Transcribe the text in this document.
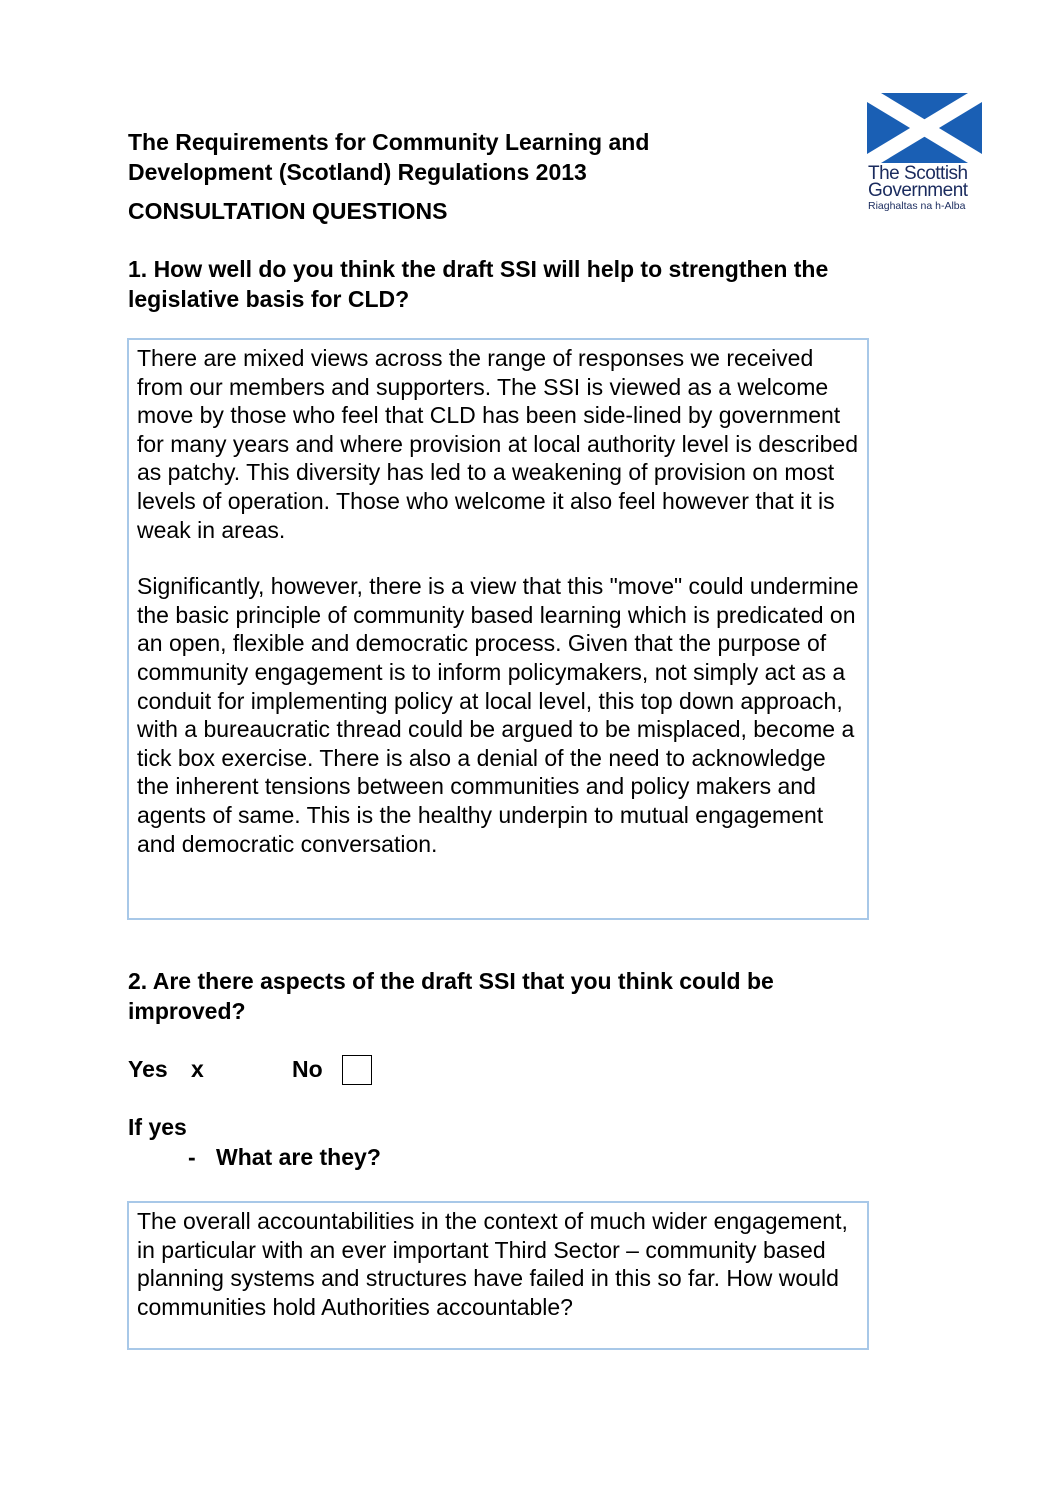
The Requirements for Community Learning and Development (Scotland) Regulations 2013
CONSULTATION QUESTIONS
The Scottish
Government
Riaghaltas na h-Alba
1. How well do you think the draft SSI will help to strengthen the legislative basis for CLD?

There are mixed views across the range of responses we received from our members and supporters. The SSI is viewed as a welcome move by those who feel that CLD has been side-lined by government for many years and where provision at local authority level is described as patchy. This diversity has led to a weakening of provision on most levels of operation. Those who welcome it also feel however that it is weak in areas.

Significantly, however, there is a view that this "move" could undermine the basic principle of community based learning which is predicated on an open, flexible and democratic process. Given that the purpose of community engagement is to inform policymakers, not simply act as a conduit for implementing policy at local level, this top down approach, with a bureaucratic thread could be argued to be misplaced, become a tick box exercise. There is also a denial of the need to acknowledge the inherent tensions between communities and policy makers and agents of same. This is the healthy underpin to mutual engagement and democratic conversation.

2. Are there aspects of the draft SSI that you think could be improved?
Yes x	No
If yes
- What are they?

The overall accountabilities in the context of much wider engagement, in particular with an ever important Third Sector – community based planning systems and structures have failed in this so far. How would communities hold Authorities accountable?
